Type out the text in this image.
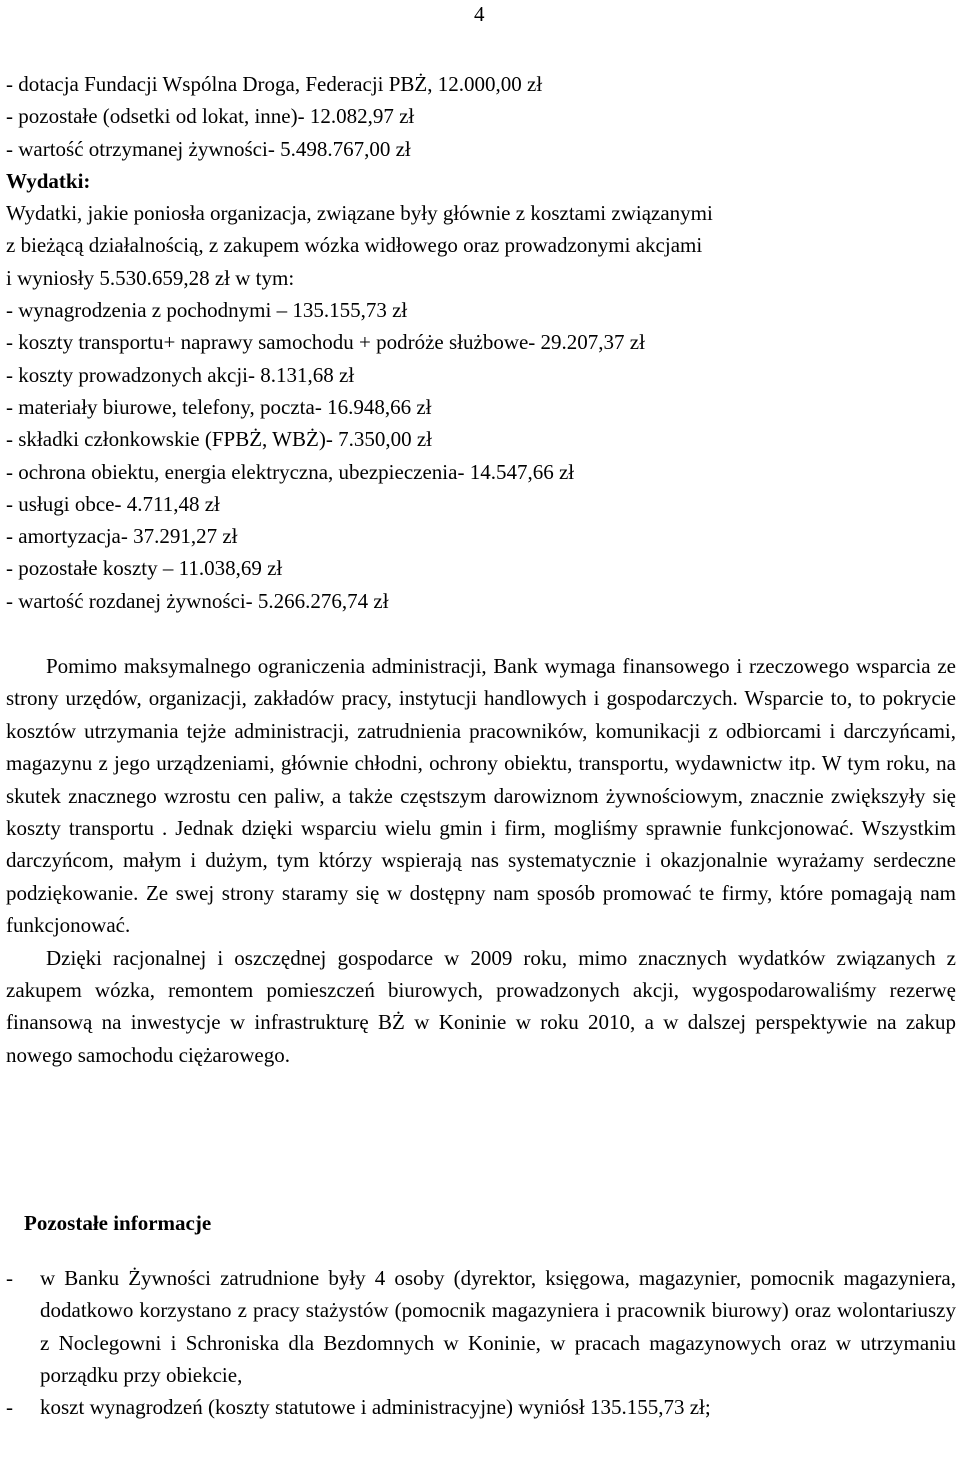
4
- dotacja Fundacji Wspólna Droga, Federacji PBŻ, 12.000,00 zł
- pozostałe (odsetki od lokat, inne)- 12.082,97 zł
- wartość otrzymanej żywności- 5.498.767,00 zł
Wydatki:
Wydatki, jakie poniosła organizacja, związane były głównie z kosztami związanymi
z bieżącą działalnością, z zakupem wózka widłowego oraz prowadzonymi akcjami
i wyniosły 5.530.659,28 zł w tym:
- wynagrodzenia z pochodnymi – 135.155,73 zł
- koszty transportu+ naprawy samochodu + podróże służbowe- 29.207,37 zł
- koszty prowadzonych akcji- 8.131,68 zł
- materiały biurowe, telefony, poczta- 16.948,66 zł
- składki członkowskie (FPBŻ, WBŻ)- 7.350,00 zł
- ochrona obiektu, energia elektryczna, ubezpieczenia- 14.547,66 zł
- usługi obce- 4.711,48 zł
- amortyzacja- 37.291,27 zł
- pozostałe koszty – 11.038,69 zł
- wartość rozdanej żywności- 5.266.276,74 zł

Pomimo maksymalnego ograniczenia administracji, Bank wymaga finansowego i rzeczowego wsparcia ze strony urzędów, organizacji, zakładów pracy, instytucji handlowych i gospodarczych. Wsparcie to, to pokrycie kosztów utrzymania tejże administracji, zatrudnienia pracowników, komunikacji z odbiorcami i darczyńcami, magazynu z jego urządzeniami, głównie chłodni, ochrony obiektu, transportu, wydawnictw itp. W tym roku, na skutek znacznego wzrostu cen paliw, a także częstszym darowiznom żywnościowym, znacznie zwiększyły się koszty transportu . Jednak dzięki wsparciu wielu gmin i firm, mogliśmy sprawnie funkcjonować. Wszystkim darczyńcom, małym i dużym, tym którzy wspierają nas systematycznie i okazjonalnie wyrażamy serdeczne podziękowanie. Ze swej strony staramy się w dostępny nam sposób promować te firmy, które pomagają nam funkcjonować.

Dzięki racjonalnej i oszczędnej gospodarce w 2009 roku, mimo znacznych wydatków związanych z zakupem wózka, remontem pomieszczeń biurowych, prowadzonych akcji, wygospodarowaliśmy rezerwę finansową na inwestycje w infrastrukturę BŻ w Koninie w roku 2010, a w dalszej perspektywie na zakup nowego samochodu ciężarowego.

Pozostałe informacje
-	w Banku Żywności zatrudnione były 4 osoby (dyrektor, księgowa, magazynier, pomocnik magazyniera, dodatkowo korzystano z pracy stażystów (pomocnik magazyniera i pracownik biurowy) oraz wolontariuszy z Noclegowni i Schroniska dla Bezdomnych w Koninie, w pracach magazynowych oraz w utrzymaniu porządku przy obiekcie,
-	koszt wynagrodzeń (koszty statutowe i administracyjne) wyniósł 135.155,73 zł;
